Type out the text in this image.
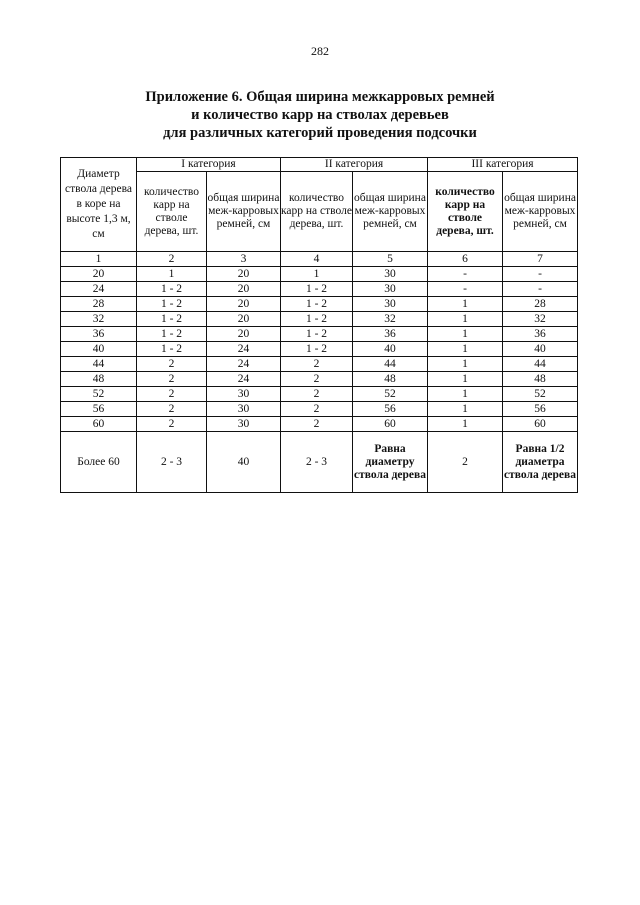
282
Приложение 6. Общая ширина межкарровых ремней
и количество карр на стволах деревьев
для различных категорий проведения подсочки
Диаметр ствола дерева в коре на высоте 1,3 м, см	I категория		II категория		III категория	
	количество карр на стволе дерева, шт.	общая ширина меж-карровых ремней, см	количество карр на стволе дерева, шт.	общая ширина меж-карровых ремней, см	количество карр на стволе дерева, шт.	общая ширина меж-карровых ремней, см
1	2	3	4	5	6	7
20	1	20	1	30	-	-
24	1 - 2	20	1 - 2	30	-	-
28	1 - 2	20	1 - 2	30	1	28
32	1 - 2	20	1 - 2	32	1	32
36	1 - 2	20	1 - 2	36	1	36
40	1 - 2	24	1 - 2	40	1	40
44	2	24	2	44	1	44
48	2	24	2	48	1	48
52	2	30	2	52	1	52
56	2	30	2	56	1	56
60	2	30	2	60	1	60
Более 60	2 - 3	40	2 - 3	Равна диаметру ствола дерева	2	Равна 1/2 диаметра ствола дерева
